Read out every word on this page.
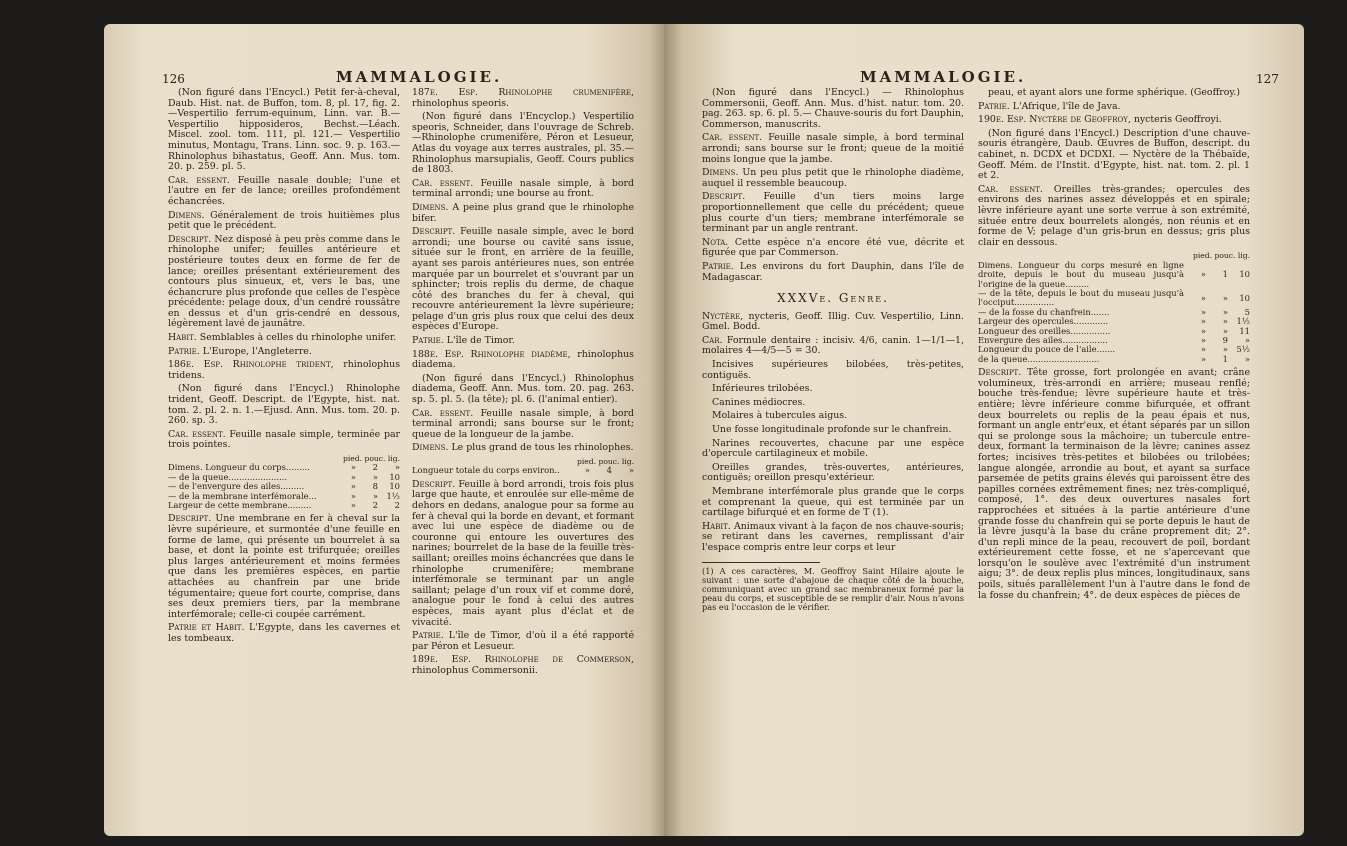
126	MAMMALOGIE.

(Non figuré dans l'Encycl.) Petit fer-à-cheval, Daub. Hist. nat. de Buffon, tom. 8, pl. 17, fig. 2. —Vespertilio ferrum-equinum, Linn. var. B.—Vespertilio hipposideros, Bechst.—Léach. Miscel. zool. tom. 111, pl. 121.— Vespertilio minutus, Montagu, Trans. Linn. soc. 9. p. 163.—Rhinolophus bihastatus, Geoff. Ann. Mus. tom. 20. p. 259. pl. 5.

Car. essent. Feuille nasale double; l'une et l'autre en fer de lance; oreilles profondément échancrées.

Dimens. Généralement de trois huitièmes plus petit que le précédent.

Descript. Nez disposé à peu près comme dans le rhinolophe unifer; feuilles antérieure et postérieure toutes deux en forme de fer de lance; oreilles présentant extérieurement des contours plus sinueux, et, vers le bas, une échancrure plus profonde que celles de l'espèce précédente: pelage doux, d'un cendré roussâtre en dessus et d'un gris-cendré en dessous, légèrement lavé de jaunâtre.

Habit. Semblables à celles du rhinolophe unifer.

Patrie. L'Europe, l'Angleterre.

186e. Esp. Rhinolophe trident, rhinolophus tridens.

(Non figuré dans l'Encycl.) Rhinolophe trident, Geoff. Descript. de l'Egypte, hist. nat. tom. 2. pl. 2. n. 1.—Ejusd. Ann. Mus. tom. 20. p. 260. sp. 3.

Car. essent. Feuille nasale simple, terminée par trois pointes.

	pied. pouc. lig.		
Dimens. Longueur du corps.........	»	2	»
— de la queue......................	»	»	10
— de l'envergure des ailes.........	»	8	10
— de la membrane interfémorale...	»	»	1½
Largeur de cette membrane.........	»	2	2

Descript. Une membrane en fer à cheval sur la lèvre supérieure, et surmontée d'une feuille en forme de lame, qui présente un bourrelet à sa base, et dont la pointe est trifurquée; oreilles plus larges antérieurement et moins fermées que dans les premières espèces, en partie attachées au chanfrein par une bride tégumentaire; queue fort courte, comprise, dans ses deux premiers tiers, par la membrane interfémorale; celle-ci coupée carrément.

Patrie et Habit. L'Egypte, dans les cavernes et les tombeaux.

187e. Esp. Rhinolophe crumenifère, rhinolophus speoris.

(Non figuré dans l'Encyclop.) Vespertilio speoris, Schneider, dans l'ouvrage de Schreb.—Rhinolophe crumenifère, Péron et Lesueur, Atlas du voyage aux terres australes, pl. 35.—Rhinolophus marsupialis, Geoff. Cours publics de 1803.

Car. essent. Feuille nasale simple, à bord terminal arrondi; une bourse au front.

Dimens. A peine plus grand que le rhinolophe bifer.

Descript. Feuille nasale simple, avec le bord arrondi; une bourse ou cavité sans issue, située sur le front, en arrière de la feuille, ayant ses parois antérieures nues, son entrée marquée par un bourrelet et s'ouvrant par un sphincter; trois replis du derme, de chaque côté des branches du fer à cheval, qui recouvre antérieurement la lèvre supérieure; pelage d'un gris plus roux que celui des deux espèces d'Europe.

Patrie. L'île de Timor.

188e. Esp. Rhinolophe diadème, rhinolophus diadema.

(Non figuré dans l'Encycl.) Rhinolophus diadema, Geoff. Ann. Mus. tom. 20. pag. 263. sp. 5. pl. 5. (la tête); pl. 6. (l'animal entier).

Car. essent. Feuille nasale simple, à bord terminal arrondi; sans bourse sur le front; queue de la longueur de la jambe.

Dimens. Le plus grand de tous les rhinolophes.

	pied. pouc. lig.		
Longueur totale du corps environ..	»	4	»

Descript. Feuille à bord arrondi, trois fois plus large que haute, et enroulée sur elle-même de dehors en dedans, analogue pour sa forme au fer à cheval qui la borde en devant, et formant avec lui une espèce de diadème ou de couronne qui entoure les ouvertures des narines; bourrelet de la base de la feuille très-saillant; oreilles moins échancrées que dans le rhinolophe crumenifère; membrane interfémorale se terminant par un angle saillant; pelage d'un roux vif et comme doré, analogue pour le fond à celui des autres espèces, mais ayant plus d'éclat et de vivacité.

Patrie. L'île de Timor, d'où il a été rapporté par Péron et Lesueur.

189e. Esp. Rhinolophe de Commerson, rhinolophus Commersonii.

MAMMALOGIE.	127

(Non figuré dans l'Encycl.) — Rhinolophus Commersonii, Geoff. Ann. Mus. d'hist. natur. tom. 20. pag. 263. sp. 6. pl. 5.— Chauve-souris du fort Dauphin, Commerson, manuscrits.

Car. essent. Feuille nasale simple, à bord terminal arrondi; sans bourse sur le front; queue de la moitié moins longue que la jambe.

Dimens. Un peu plus petit que le rhinolophe diadème, auquel il ressemble beaucoup.

Descript. Feuille d'un tiers moins large proportionnellement que celle du précédent; queue plus courte d'un tiers; membrane interfémorale se terminant par un angle rentrant.

Nota. Cette espèce n'a encore été vue, décrite et figurée que par Commerson.

Patrie. Les environs du fort Dauphin, dans l'île de Madagascar.

XXXVe. Genre.

Nyctère, nycteris, Geoff. Illig. Cuv. Vespertilio, Linn. Gmel. Bodd.

Car. Formule dentaire : incisiv. 4/6, canin. 1—1/1—1, molaires 4—4/5—5 = 30.

Incisives supérieures bilobées, très-petites, contiguës.

Inférieures trilobées.

Canines médiocres.

Molaires à tubercules aigus.

Une fosse longitudinale profonde sur le chanfrein.

Narines recouvertes, chacune par une espèce d'opercule cartilagineux et mobile.

Oreilles grandes, très-ouvertes, antérieures, contiguës; oreillon presqu'extérieur.

Membrane interfémorale plus grande que le corps et comprenant la queue, qui est terminée par un cartilage bifurqué et en forme de T (1).

Habit. Animaux vivant à la façon de nos chauve-souris; se retirant dans les cavernes, remplissant d'air l'espace compris entre leur corps et leur

(1) A ces caractères, M. Geoffroy Saint Hilaire ajoute le suivant : une sorte d'abajoue de chaque côté de la bouche, communiquant avec un grand sac membraneux formé par la peau du corps, et susceptible de se remplir d'air. Nous n'avons pas eu l'occasion de le vérifier.

peau, et ayant alors une forme sphérique. (Geoffroy.)

Patrie. L'Afrique, l'île de Java.

190e. Esp. Nyctère de Geoffroy, nycteris Geoffroyi.

(Non figuré dans l'Encycl.) Description d'une chauve-souris étrangère, Daub. Œuvres de Buffon, descript. du cabinet, n. DCDX et DCDXI. — Nyctère de la Thébaïde, Geoff. Mém. de l'Instit. d'Egypte, hist. nat. tom. 2. pl. 1 et 2.

Car. essent. Oreilles très-grandes; opercules des environs des narines assez développés et en spirale; lèvre inférieure ayant une sorte verrue à son extrémité, située entre deux bourrelets alongés, non réunis et en forme de V; pelage d'un gris-brun en dessus; gris plus clair en dessous.

	pied. pouc. lig.		
Dimens. Longueur du corps mesuré en ligne droite, depuis le bout du museau jusqu'à l'origine de la queue.........	»	1	10
— de la tête, depuis le bout du museau jusqu'à l'occiput...............	»	»	10
— de la fosse du chanfrein.......	»	»	5
Largeur des opercules.............	»	»	1½
Longueur des oreilles...............	»	»	11
Envergure des ailes.................	»	9	»
Longueur du pouce de l'aile.......	»	»	5½
de la queue...........................	»	1	»

Descript. Tête grosse, fort prolongée en avant; crâne volumineux, très-arrondi en arrière; museau renflé; bouche très-fendue; lèvre supérieure haute et très-entière; lèvre inférieure comme bifurquée, et offrant deux bourrelets ou replis de la peau épais et nus, formant un angle entr'eux, et étant séparés par un sillon qui se prolonge sous la mâchoire; un tubercule entre-deux, formant la terminaison de la lèvre; canines assez fortes; incisives très-petites et bilobées ou trilobées; langue alongée, arrondie au bout, et ayant sa surface parsemée de petits grains élevés qui paroissent être des papilles cornées extrêmement fines; nez très-compliqué, composé, 1°. des deux ouvertures nasales fort rapprochées et situées à la partie antérieure d'une grande fosse du chanfrein qui se porte depuis le haut de la lèvre jusqu'à la base du crâne proprement dit; 2°. d'un repli mince de la peau, recouvert de poil, bordant extérieurement cette fosse, et ne s'apercevant que lorsqu'on le soulève avec l'extrémité d'un instrument aigu; 3°. de deux replis plus minces, longitudinaux, sans poils, situés parallèlement l'un à l'autre dans le fond de la fosse du chanfrein; 4°. de deux espèces de pièces de
